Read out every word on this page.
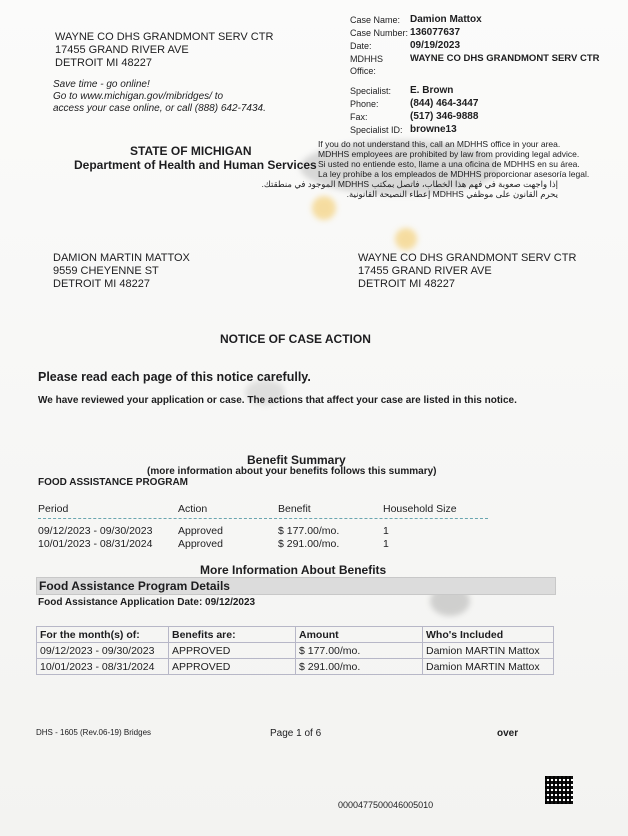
WAYNE CO DHS GRANDMONT SERV CTR
17455 GRAND RIVER AVE
DETROIT MI 48227
Save time - go online!
Go to www.michigan.gov/mibridges/ to
access your case online, or call (888) 642-7434.
Case Name: Damion Mattox
Case Number: 136077637
Date:	09/19/2023
MDHHS Office:
WAYNE CO DHS GRANDMONT SERV CTR
Specialist:	E. Brown
Phone:	(844) 464-3447
Fax:	(517) 346-9888
Specialist ID: browne13
STATE OF MICHIGAN
Department of Health and Human Services
If you do not understand this, call an MDHHS office in your area.
MDHHS employees are prohibited by law from providing legal advice.
Si usted no entiende esto, llame a una oficina de MDHHS en su área.
La ley prohíbe a los empleados de MDHHS proporcionar asesoría legal.
إذا واجهت صعوبة في فهم هذا الخطاب، فاتصل بمكتب MDHHS الموجود في منطقتك.
يحرم القانون على موظفي MDHHS إعطاء النصيحة القانونية.
DAMION MARTIN MATTOX
9559 CHEYENNE ST
DETROIT MI 48227
WAYNE CO DHS GRANDMONT SERV CTR
17455 GRAND RIVER AVE
DETROIT MI 48227
NOTICE OF CASE ACTION
Please read each page of this notice carefully.
We have reviewed your application or case. The actions that affect your case are listed in this notice.
Benefit Summary
(more information about your benefits follows this summary)
FOOD ASSISTANCE PROGRAM
Period	Action	Benefit	Household Size
09/12/2023 - 09/30/2023	Approved	$ 177.00/mo.	1
10/01/2023 - 08/31/2024	Approved	$ 291.00/mo.	1
More Information About Benefits
Food Assistance Program Details
Food Assistance Application Date: 09/12/2023
For the month(s) of:	Benefits are:	Amount	Who's Included
09/12/2023 - 09/30/2023	APPROVED	$ 177.00/mo.	Damion MARTIN Mattox
10/01/2023 - 08/31/2024	APPROVED	$ 291.00/mo.	Damion MARTIN Mattox
DHS - 1605 (Rev.06-19) Bridges	Page 1 of 6	over
0000477500046005010
